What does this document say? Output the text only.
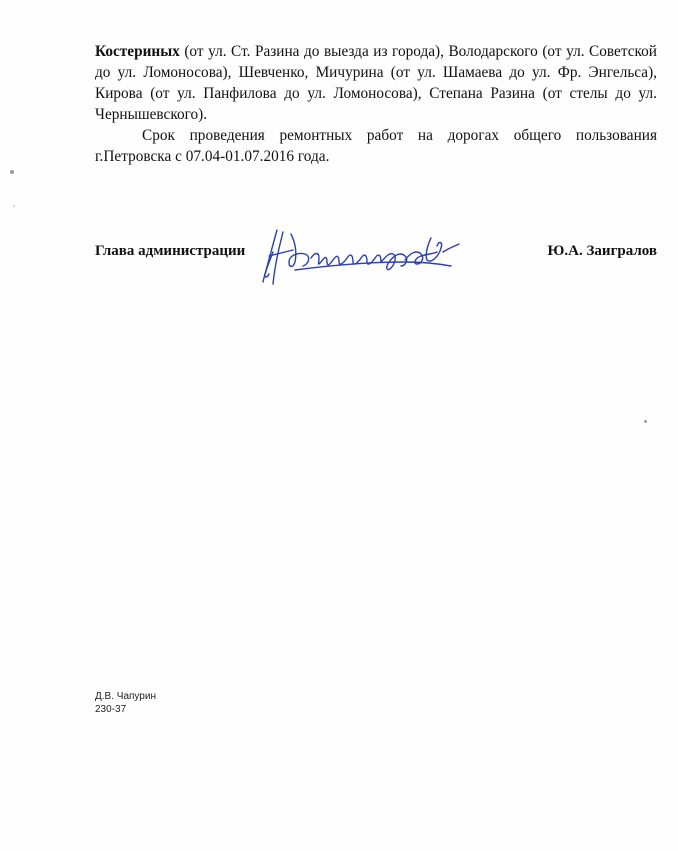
Костериных (от ул. Ст. Разина до выезда из города), Володарского (от ул. Советской до ул. Ломоносова), Шевченко, Мичурина (от ул. Шамаева до ул. Фр. Энгельса), Кирова (от ул. Панфилова до ул. Ломоносова), Степана Разина (от стелы до ул. Чернышевского).

Срок проведения ремонтных работ на дорогах общего пользования г.Петровска с 07.04-01.07.2016 года.

Глава администрации	Ю.А. Заигралов
Д.В. Чапурин
230-37
